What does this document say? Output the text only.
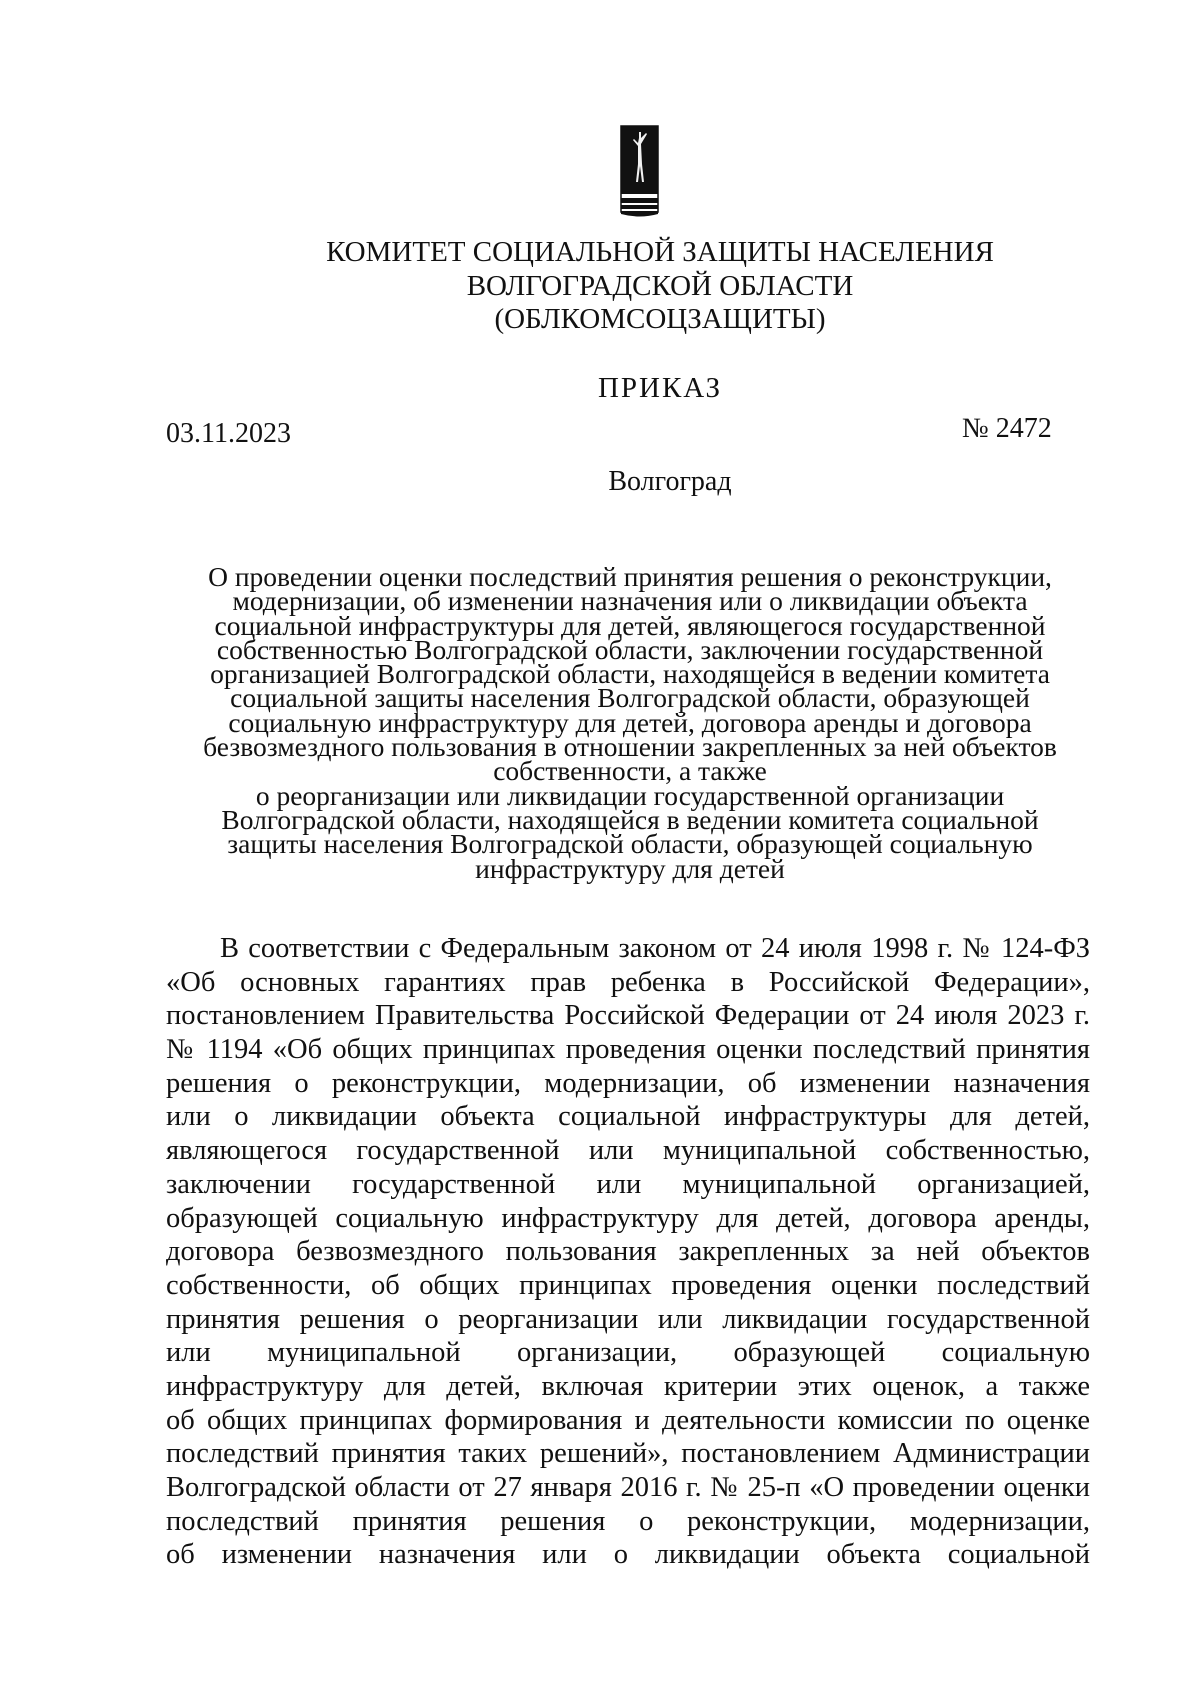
КОМИТЕТ СОЦИАЛЬНОЙ ЗАЩИТЫ НАСЕЛЕНИЯ
ВОЛГОГРАДСКОЙ ОБЛАСТИ
(ОБЛКОМСОЦЗАЩИТЫ)
ПРИКАЗ
03.11.2023	№ 2472
Волгоград
О проведении оценки последствий принятия решения о реконструкции,
модернизации, об изменении назначения или о ликвидации объекта
социальной инфраструктуры для детей, являющегося государственной
собственностью Волгоградской области, заключении государственной
организацией Волгоградской области, находящейся в ведении комитета
социальной защиты населения Волгоградской области, образующей
социальную инфраструктуру для детей, договора аренды и договора
безвозмездного пользования в отношении закрепленных за ней объектов
собственности, а также
о реорганизации или ликвидации государственной организации
Волгоградской области, находящейся в ведении комитета социальной
защиты населения Волгоградской области, образующей социальную
инфраструктуру для детей
В соответствии с Федеральным законом от 24 июля 1998 г. № 124-ФЗ
«Об основных гарантиях прав ребенка в Российской Федерации»,
постановлением Правительства Российской Федерации от 24 июля 2023 г.
№ 1194 «Об общих принципах проведения оценки последствий принятия
решения о реконструкции, модернизации, об изменении назначения
или о ликвидации объекта социальной инфраструктуры для детей,
являющегося государственной или муниципальной собственностью,
заключении государственной или муниципальной организацией,
образующей социальную инфраструктуру для детей, договора аренды,
договора безвозмездного пользования закрепленных за ней объектов
собственности, об общих принципах проведения оценки последствий
принятия решения о реорганизации или ликвидации государственной
или муниципальной организации, образующей социальную
инфраструктуру для детей, включая критерии этих оценок, а также
об общих принципах формирования и деятельности комиссии по оценке
последствий принятия таких решений», постановлением Администрации
Волгоградской области от 27 января 2016 г. № 25-п «О проведении оценки
последствий принятия решения о реконструкции, модернизации,
об изменении назначения или о ликвидации объекта социальной
